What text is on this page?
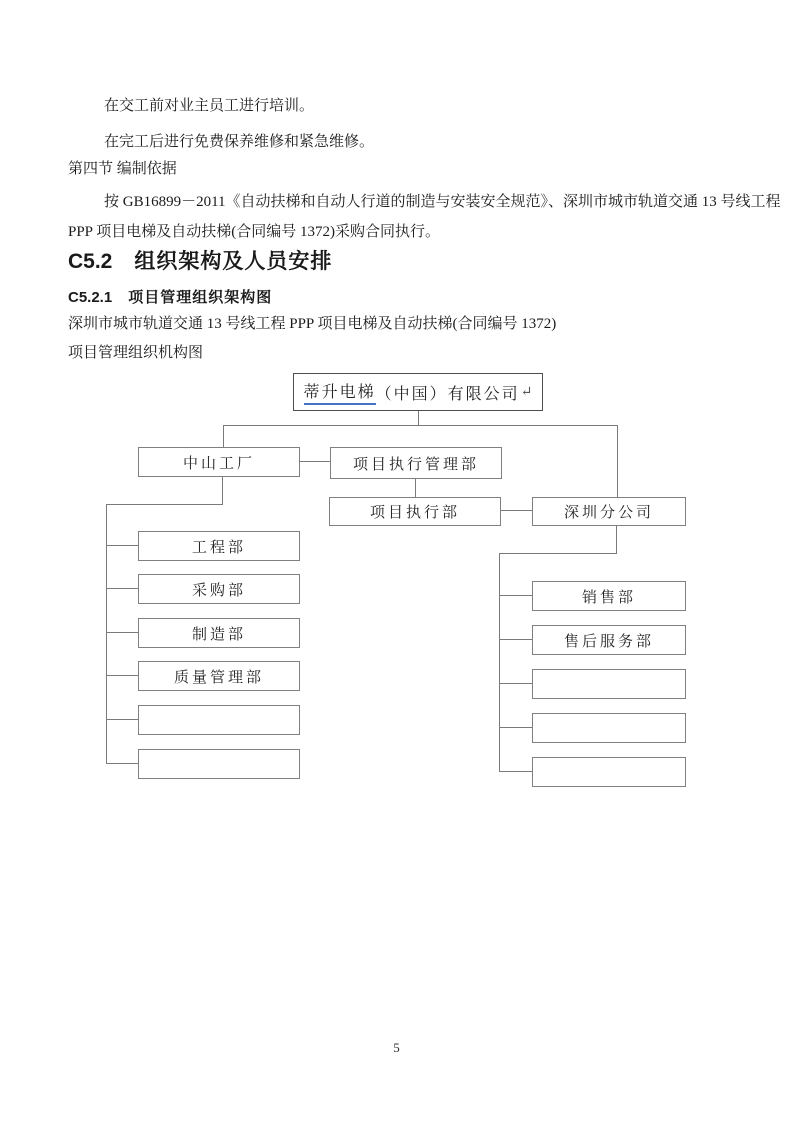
在交工前对业主员工进行培训。
在完工后进行免费保养维修和紧急维修。
第四节 编制依据
按 GB16899－2011《自动扶梯和自动人行道的制造与安装安全规范》、深圳市城市轨道交通 13 号线工程
PPP 项目电梯及自动扶梯(合同编号 1372)采购合同执行。
C5.2 组织架构及人员安排
C5.2.1 项目管理组织架构图
深圳市城市轨道交通 13 号线工程 PPP 项目电梯及自动扶梯(合同编号 1372)
项目管理组织机构图
蒂升电梯 （中国）有限公司 ↵
中山工厂	项目执行管理部
项目执行部	深圳分公司
工程部
采购部
制造部
质量管理部
销售部
售后服务部
5
